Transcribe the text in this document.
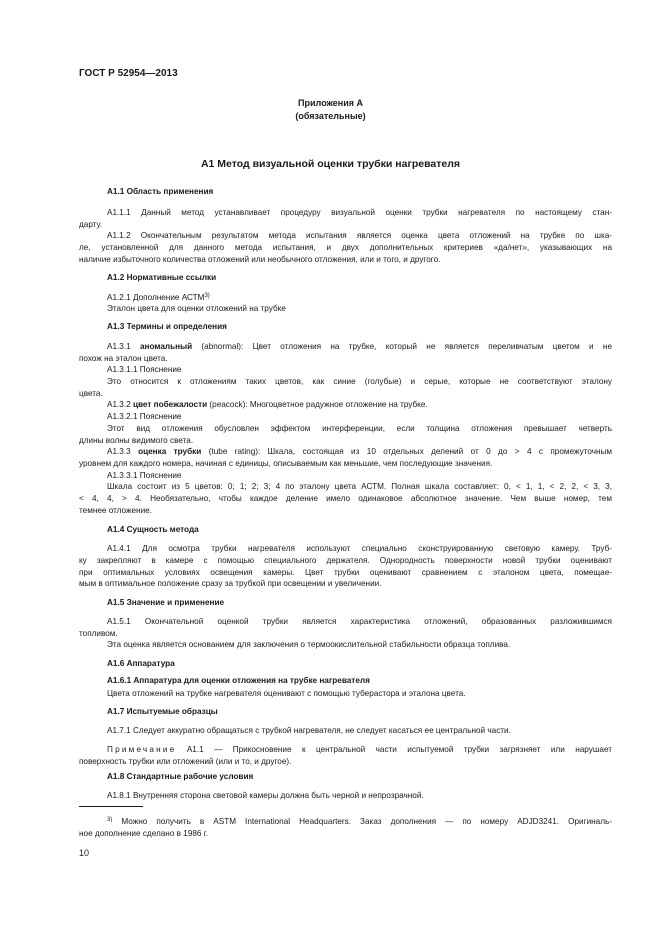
ГОСТ Р 52954—2013
Приложения А
(обязательные)
А1 Метод визуальной оценки трубки нагревателя
А1.1 Область применения
А1.1.1 Данный метод устанавливает процедуру визуальной оценки трубки нагревателя по настоящему стан-
дарту.
А1.1.2 Окончательным результатом метода испытания является оценка цвета отложений на трубке по шка-
ле, установленной для данного метода испытания, и двух дополнительных критериев «да/нет», указывающих на
наличие избыточного количества отложений или необычного отложения, или и того, и другого.
А1.2 Нормативные ссылки
А1.2.1 Дополнение АСТМ$^{3)}$
Эталон цвета для оценки отложений на трубке
А1.3 Термины и определения
А1.3.1 аномальный (abnormal): Цвет отложения на трубке, который не является переливчатым цветом и не
похож на эталон цвета.
А1.3.1.1 Пояснение
Это относится к отложениям таких цветов, как синие (голубые) и серые, которые не соответствуют эталону
цвета.
А1.3.2 цвет побежалости (peacock): Многоцветное радужное отложение на трубке.
А1.3.2.1 Пояснение
Этот вид отложения обусловлен эффектом интерференции, если толщина отложения превышает четверть
длины волны видимого света.
А1.3.3 оценка трубки (tube rating): Шкала, состоящая из 10 отдельных делений от 0 до > 4 с промежуточным
уровнем для каждого номера, начиная с единицы, описываемым как меньшие, чем последующие значения.
А1.3.3.1 Пояснение
Шкала состоит из 5 цветов: 0; 1; 2; 3; 4 по эталону цвета АСТМ. Полная шкала составляет: 0, < 1, 1, < 2, 2, < 3, 3,
< 4, 4, > 4. Необязательно, чтобы каждое деление имело одинаковое абсолютное значение. Чем выше номер, тем
темнее отложение.
А1.4 Сущность метода
А1.4.1 Для осмотра трубки нагревателя используют специально сконструированную световую камеру. Труб-
ку закрепляют в камере с помощью специального держателя. Однородность поверхности новой трубки оценивают
при оптимальных условиях освещения камеры. Цвет трубки оценивают сравнением с эталоном цвета, помещае-
мым в оптимальное положение сразу за трубкой при освещении и увеличении.
А1.5 Значение и применение
А1.5.1 Окончательной оценкой трубки является характеристика отложений, образованных разложившимся
топливом.
Эта оценка является основанием для заключения о термоокислительной стабильности образца топлива.
А1.6 Аппаратура
А1.6.1 Аппаратура для оценки отложения на трубке нагревателя
Цвета отложений на трубке нагревателя оценивают с помощью туберастора и эталона цвета.
А1.7 Испытуемые образцы
А1.7.1 Следует аккуратно обращаться с трубкой нагревателя, не следует касаться ее центральной части.
Примечание А1.1 — Прикосновение к центральной части испытуемой трубки загрязняет или нарушает
поверхность трубки или отложений (или и то, и другое).
А1.8 Стандартные рабочие условия
А1.8.1 Внутренняя сторона световой камеры должна быть черной и непрозрачной.
$^{3)}$ Можно получить в ASTM International Headquarters. Заказ дополнения — по номеру ADJD3241. Оригиналь-
ное дополнение сделано в 1986 г.
10
